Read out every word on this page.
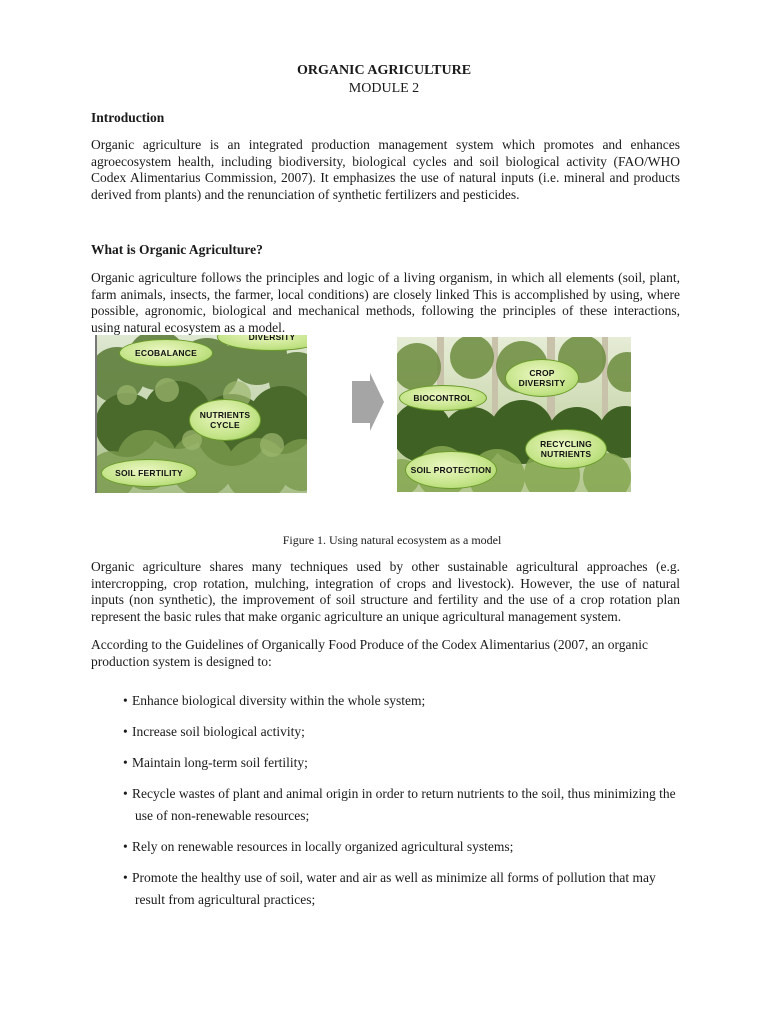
ORGANIC AGRICULTURE
MODULE 2
Introduction

Organic agriculture is an integrated production management system which promotes and enhances agroecosystem health, including biodiversity, biological cycles and soil biological activity (FAO/WHO Codex Alimentarius Commission, 2007). It emphasizes the use of natural inputs (i.e. mineral and products derived from plants) and the renunciation of synthetic fertilizers and pesticides.

What is Organic Agriculture?

Organic agriculture follows the principles and logic of a living organism, in which all elements (soil, plant, farm animals, insects, the farmer, local conditions) are closely linked This is accomplished by using, where possible, agronomic, biological and mechanical methods, following the principles of these interactions, using natural ecosystem as a model.

DIVERSITY
ECOBALANCE
NUTRIENTS CYCLE
SOIL FERTILITY
CROP DIVERSITY
BIOCONTROL
RECYCLING NUTRIENTS
SOIL PROTECTION
Figure 1. Using natural ecosystem as a model

Organic agriculture shares many techniques used by other sustainable agricultural approaches (e.g. intercropping, crop rotation, mulching, integration of crops and livestock). However, the use of natural inputs (non synthetic), the improvement of soil structure and fertility and the use of a crop rotation plan represent the basic rules that make organic agriculture an unique agricultural management system.

According to the Guidelines of Organically Food Produce of the Codex Alimentarius (2007, an organic production system is designed to:

• Enhance biological diversity within the whole system;
• Increase soil biological activity;
• Maintain long-term soil fertility;
• Recycle wastes of plant and animal origin in order to return nutrients to the soil, thus minimizing the use of non-renewable resources;
• Rely on renewable resources in locally organized agricultural systems;
• Promote the healthy use of soil, water and air as well as minimize all forms of pollution that may result from agricultural practices;
